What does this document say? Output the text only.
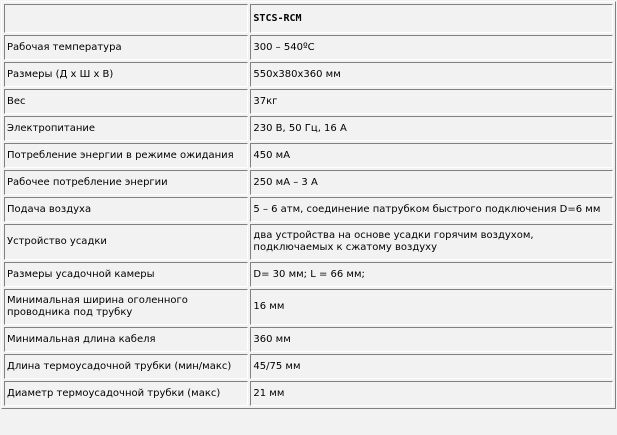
	STCS-RCM
Рабочая температура	300 – 540ºC
Размеры (Д x Ш x В)	550х380х360 мм
Вес	37кг
Электропитание	230 В, 50 Гц, 16 А
Потребление энергии в режиме ожидания	450 мА
Рабочее потребление энергии	250 мА – 3 А
Подача воздуха	5 – 6 атм, соединение патрубком быстрого подключения D=6 мм
Устройство усадки	два устройства на основе усадки горячим воздухом, подключаемых к сжатому воздуху
Размеры усадочной камеры	D= 30 мм; L = 66 мм;
Минимальная ширина оголенного проводника под трубку	16 мм
Минимальная длина кабеля	360 мм
Длина термоусадочной трубки (мин/макс)	45/75 мм
Диаметр термоусадочной трубки (макс)	21 мм
